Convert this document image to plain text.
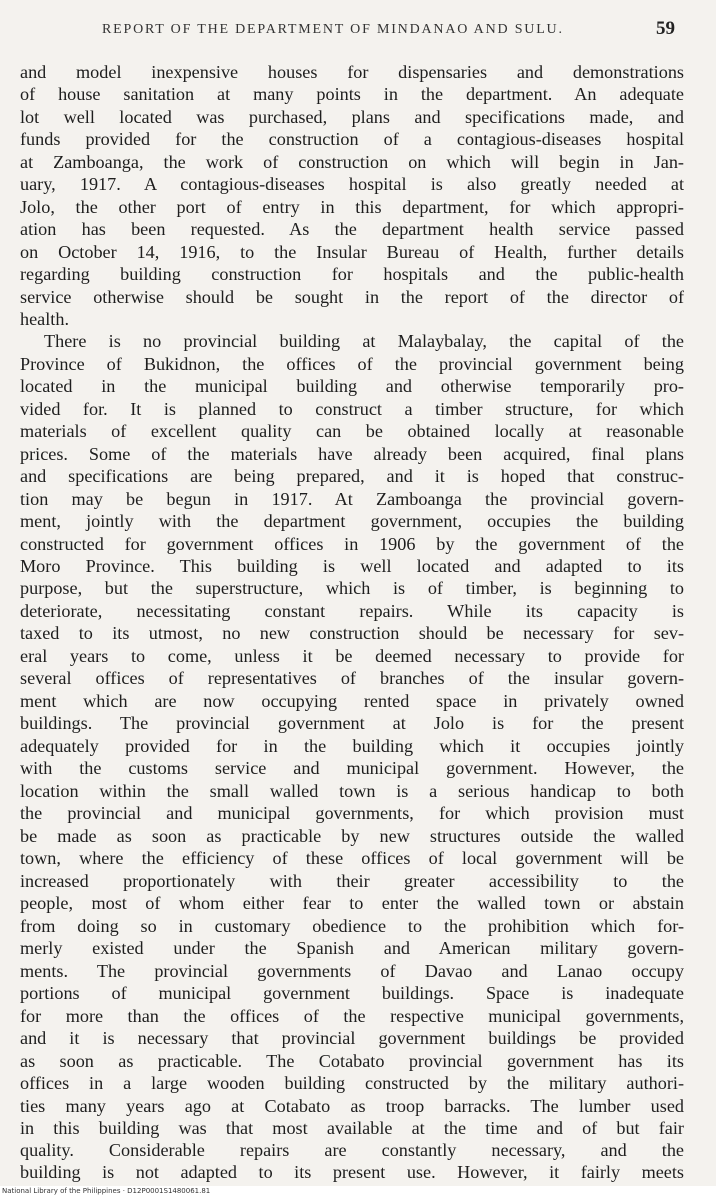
REPORT OF THE DEPARTMENT OF MINDANAO AND SULU.	59
and model inexpensive houses for dispensaries and demonstrations
of house sanitation at many points in the department. An adequate
lot well located was purchased, plans and specifications made, and
funds provided for the construction of a contagious-diseases hospital
at Zamboanga, the work of construction on which will begin in Jan-
uary, 1917. A contagious-diseases hospital is also greatly needed at
Jolo, the other port of entry in this department, for which appropri-
ation has been requested. As the department health service passed
on October 14, 1916, to the Insular Bureau of Health, further details
regarding building construction for hospitals and the public-health
service otherwise should be sought in the report of the director of
health.
There is no provincial building at Malaybalay, the capital of the
Province of Bukidnon, the offices of the provincial government being
located in the municipal building and otherwise temporarily pro-
vided for. It is planned to construct a timber structure, for which
materials of excellent quality can be obtained locally at reasonable
prices. Some of the materials have already been acquired, final plans
and specifications are being prepared, and it is hoped that construc-
tion may be begun in 1917. At Zamboanga the provincial govern-
ment, jointly with the department government, occupies the building
constructed for government offices in 1906 by the government of the
Moro Province. This building is well located and adapted to its
purpose, but the superstructure, which is of timber, is beginning to
deteriorate, necessitating constant repairs. While its capacity is
taxed to its utmost, no new construction should be necessary for sev-
eral years to come, unless it be deemed necessary to provide for
several offices of representatives of branches of the insular govern-
ment which are now occupying rented space in privately owned
buildings. The provincial government at Jolo is for the present
adequately provided for in the building which it occupies jointly
with the customs service and municipal government. However, the
location within the small walled town is a serious handicap to both
the provincial and municipal governments, for which provision must
be made as soon as practicable by new structures outside the walled
town, where the efficiency of these offices of local government will be
increased proportionately with their greater accessibility to the
people, most of whom either fear to enter the walled town or abstain
from doing so in customary obedience to the prohibition which for-
merly existed under the Spanish and American military govern-
ments. The provincial governments of Davao and Lanao occupy
portions of municipal government buildings. Space is inadequate
for more than the offices of the respective municipal governments,
and it is necessary that provincial government buildings be provided
as soon as practicable. The Cotabato provincial government has its
offices in a large wooden building constructed by the military authori-
ties many years ago at Cotabato as troop barracks. The lumber used
in this building was that most available at the time and of but fair
quality. Considerable repairs are constantly necessary, and the
building is not adapted to its present use. However, it fairly meets
National Library of the Philippines · D12P0001S1480061.81
